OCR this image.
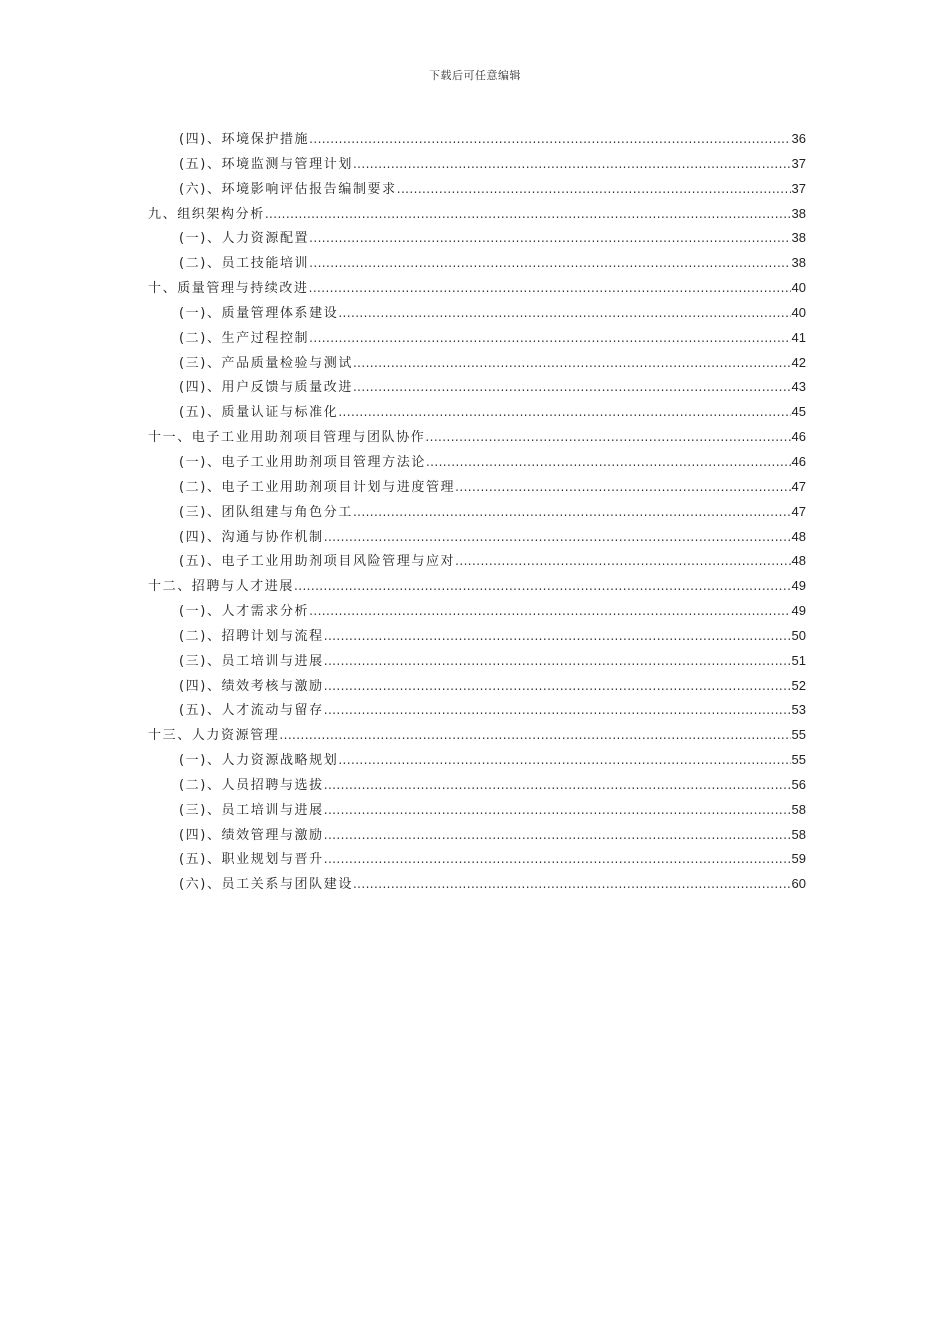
下载后可任意编辑
(四)、环境保护措施 .....	36
(五)、环境监测与管理计划 .....	37
(六)、环境影响评估报告编制要求 .....	37
九、组织架构分析 .....	38
(一)、人力资源配置 .....	38
(二)、员工技能培训 .....	38
十、质量管理与持续改进 .....	40
(一)、质量管理体系建设 .....	40
(二)、生产过程控制 .....	41
(三)、产品质量检验与测试 .....	42
(四)、用户反馈与质量改进 .....	43
(五)、质量认证与标准化 .....	45
十一、电子工业用助剂项目管理与团队协作 .....	46
(一)、电子工业用助剂项目管理方法论 .....	46
(二)、电子工业用助剂项目计划与进度管理 .....	47
(三)、团队组建与角色分工 .....	47
(四)、沟通与协作机制 .....	48
(五)、电子工业用助剂项目风险管理与应对 .....	48
十二、招聘与人才进展 .....	49
(一)、人才需求分析 .....	49
(二)、招聘计划与流程 .....	50
(三)、员工培训与进展 .....	51
(四)、绩效考核与激励 .....	52
(五)、人才流动与留存 .....	53
十三、人力资源管理 .....	55
(一)、人力资源战略规划 .....	55
(二)、人员招聘与选拔 .....	56
(三)、员工培训与进展 .....	58
(四)、绩效管理与激励 .....	58
(五)、职业规划与晋升 .....	59
(六)、员工关系与团队建设 .....	60
